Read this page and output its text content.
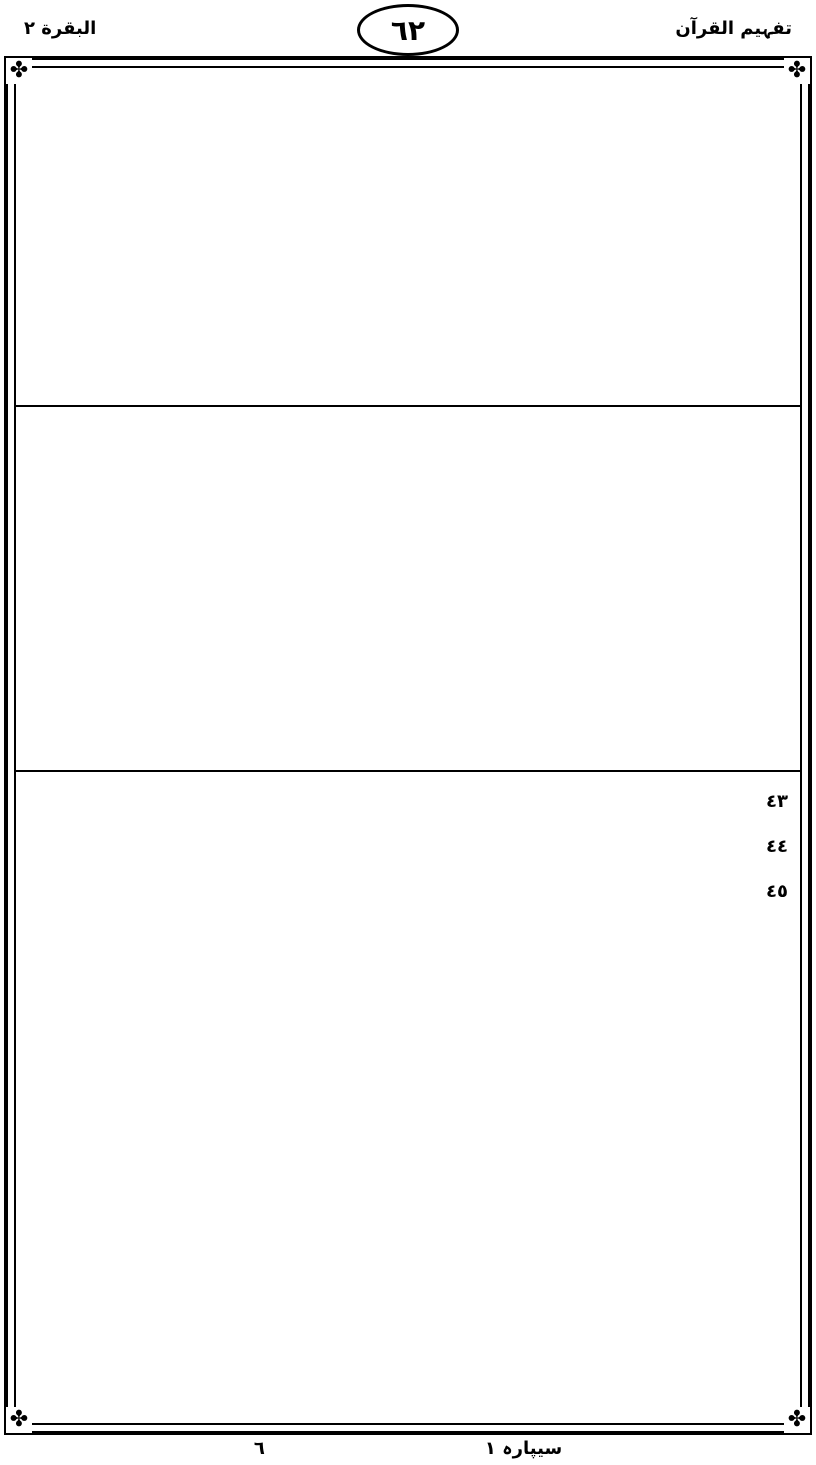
تفہیم القرآن
البقرة ٢	٦٢
✤	✤
✤	✤

٤٣

٤٤

٤٥

سیپارہ ۱
٦
